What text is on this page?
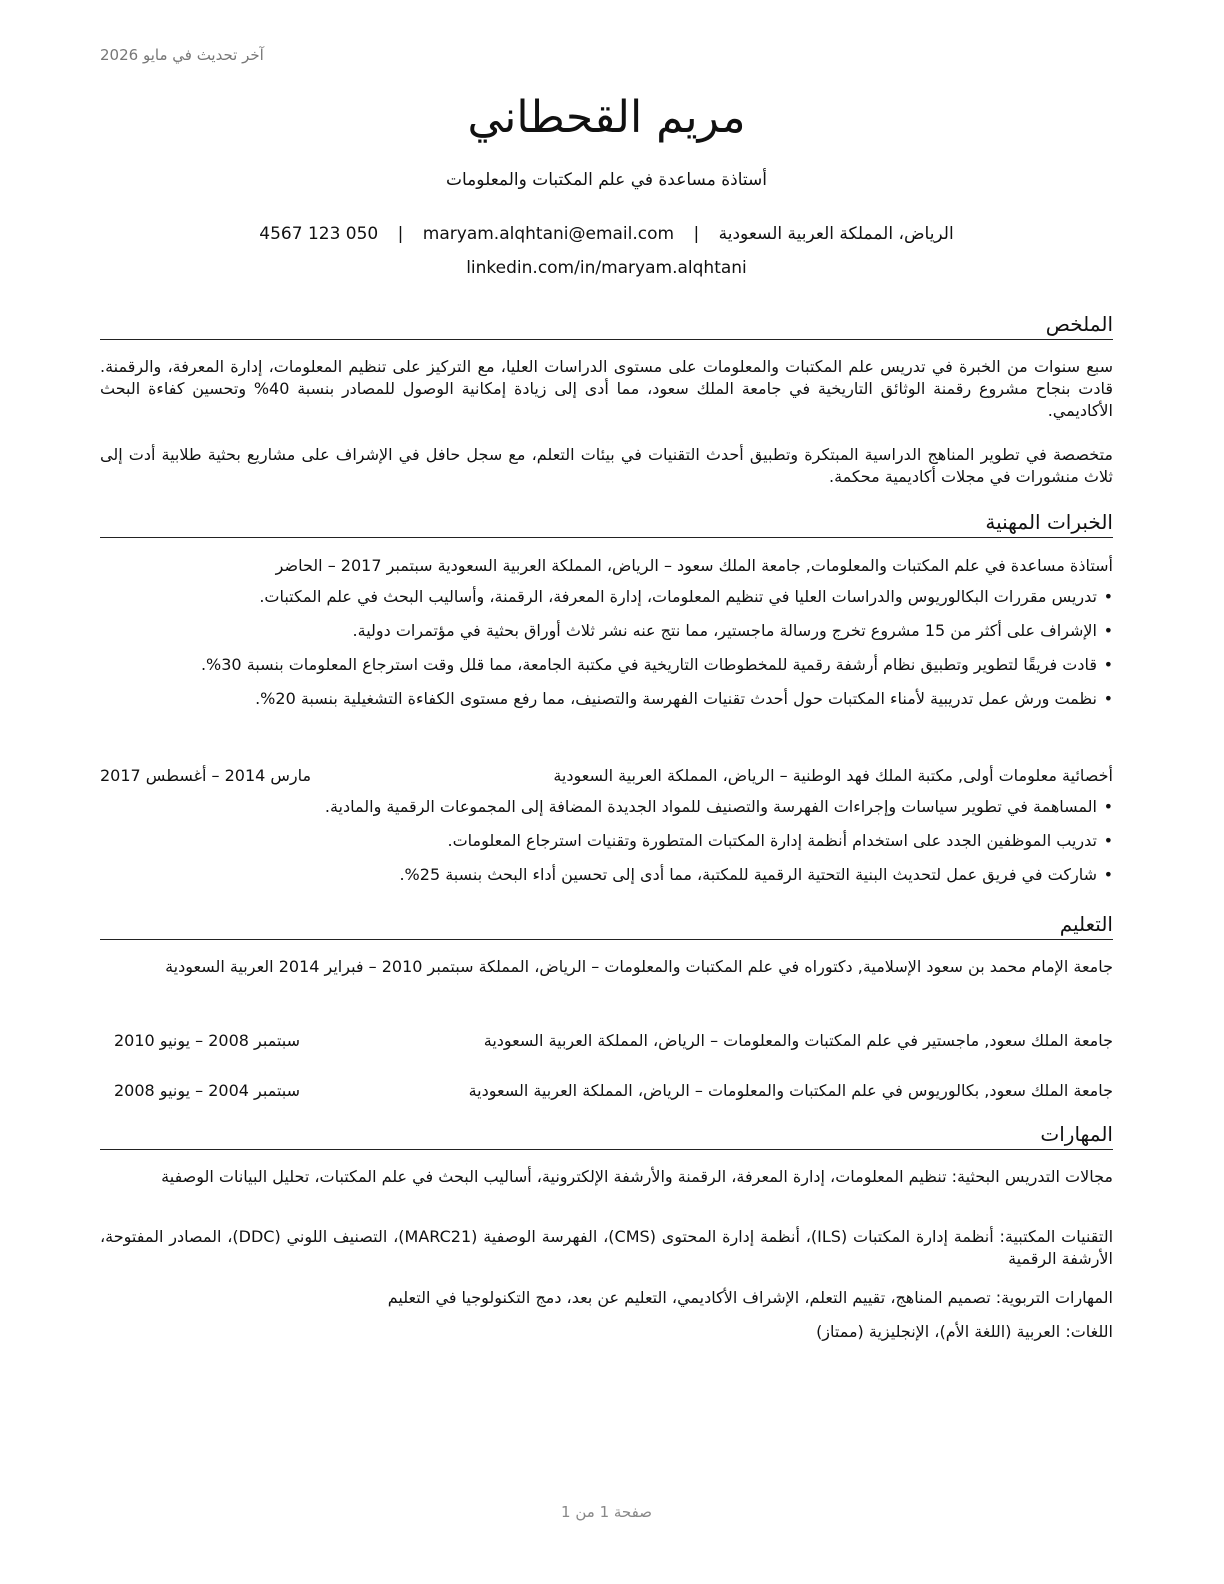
آخر تحديث في مايو 2026
مريم القحطاني
أستاذة مساعدة في علم المكتبات والمعلومات
الرياض، المملكة العربية السعودية | maryam.alqhtani@email.com | 4567 123 050
linkedin.com/in/maryam.alqhtani
الملخص

سبع سنوات من الخبرة في تدريس علم المكتبات والمعلومات على مستوى الدراسات العليا، مع التركيز على تنظيم المعلومات، إدارة المعرفة، والرقمنة. قادت بنجاح مشروع رقمنة الوثائق التاريخية في جامعة الملك سعود، مما أدى إلى زيادة إمكانية الوصول للمصادر بنسبة 40% وتحسين كفاءة البحث الأكاديمي.

متخصصة في تطوير المناهج الدراسية المبتكرة وتطبيق أحدث التقنيات في بيئات التعلم، مع سجل حافل في الإشراف على مشاريع بحثية طلابية أدت إلى ثلاث منشورات في مجلات أكاديمية محكمة.

الخبرات المهنية
أستاذة مساعدة في علم المكتبات والمعلومات, جامعة الملك سعود – الرياض، المملكة العربية السعودية سبتمبر 2017 – الحاضر
• تدريس مقررات البكالوريوس والدراسات العليا في تنظيم المعلومات، إدارة المعرفة، الرقمنة، وأساليب البحث في علم المكتبات.
• الإشراف على أكثر من 15 مشروع تخرج ورسالة ماجستير، مما نتج عنه نشر ثلاث أوراق بحثية في مؤتمرات دولية.
• قادت فريقًا لتطوير وتطبيق نظام أرشفة رقمية للمخطوطات التاريخية في مكتبة الجامعة، مما قلل وقت استرجاع المعلومات بنسبة 30%.
• نظمت ورش عمل تدريبية لأمناء المكتبات حول أحدث تقنيات الفهرسة والتصنيف، مما رفع مستوى الكفاءة التشغيلية بنسبة 20%.
أخصائية معلومات أولى, مكتبة الملك فهد الوطنية – الرياض، المملكة العربية السعودية
مارس 2014 – أغسطس 2017
• المساهمة في تطوير سياسات وإجراءات الفهرسة والتصنيف للمواد الجديدة المضافة إلى المجموعات الرقمية والمادية.
• تدريب الموظفين الجدد على استخدام أنظمة إدارة المكتبات المتطورة وتقنيات استرجاع المعلومات.
• شاركت في فريق عمل لتحديث البنية التحتية الرقمية للمكتبة، مما أدى إلى تحسين أداء البحث بنسبة 25%.
التعليم
جامعة الإمام محمد بن سعود الإسلامية, دكتوراه في علم المكتبات والمعلومات – الرياض، المملكة سبتمبر 2010 – فبراير 2014 العربية السعودية
جامعة الملك سعود, ماجستير في علم المكتبات والمعلومات – الرياض، المملكة العربية السعودية
سبتمبر 2008 – يونيو 2010
جامعة الملك سعود, بكالوريوس في علم المكتبات والمعلومات – الرياض، المملكة العربية السعودية
سبتمبر 2004 – يونيو 2008
المهارات
مجالات التدريس البحثية: تنظيم المعلومات، إدارة المعرفة، الرقمنة والأرشفة الإلكترونية، أساليب البحث في علم المكتبات، تحليل البيانات الوصفية
التقنيات المكتبية: أنظمة إدارة المكتبات (ILS)، أنظمة إدارة المحتوى (CMS)، الفهرسة الوصفية (MARC21)، التصنيف اللوني (DDC)، المصادر المفتوحة، الأرشفة الرقمية
المهارات التربوية: تصميم المناهج، تقييم التعلم، الإشراف الأكاديمي، التعليم عن بعد، دمج التكنولوجيا في التعليم
اللغات: العربية (اللغة الأم)، الإنجليزية (ممتاز)
صفحة 1 من 1
